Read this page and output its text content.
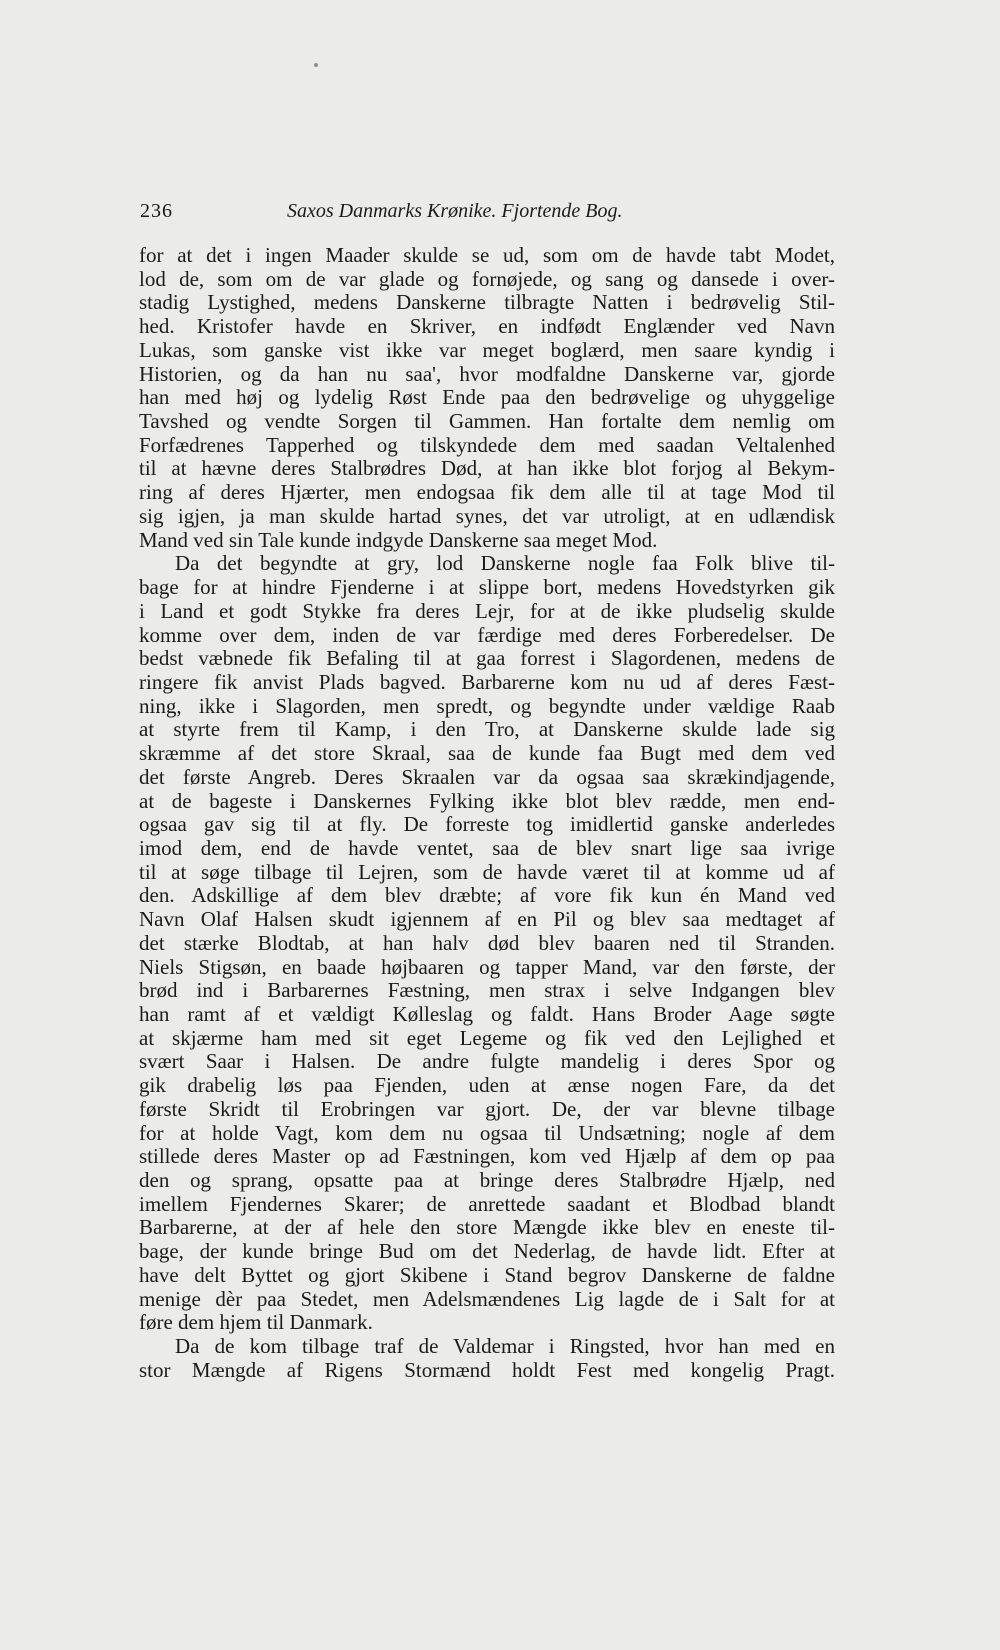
236	Saxos Danmarks Krønike. Fjortende Bog.
for at det i ingen Maader skulde se ud, som om de havde tabt Modet,
lod de, som om de var glade og fornøjede, og sang og dansede i over-
stadig Lystighed, medens Danskerne tilbragte Natten i bedrøvelig Stil-
hed. Kristofer havde en Skriver, en indfødt Englænder ved Navn
Lukas, som ganske vist ikke var meget boglærd, men saare kyndig i
Historien, og da han nu saa', hvor modfaldne Danskerne var, gjorde
han med høj og lydelig Røst Ende paa den bedrøvelige og uhyggelige
Tavshed og vendte Sorgen til Gammen. Han fortalte dem nemlig om
Forfædrenes Tapperhed og tilskyndede dem med saadan Veltalenhed
til at hævne deres Stalbrødres Død, at han ikke blot forjog al Bekym-
ring af deres Hjærter, men endogsaa fik dem alle til at tage Mod til
sig igjen, ja man skulde hartad synes, det var utroligt, at en udlændisk
Mand ved sin Tale kunde indgyde Danskerne saa meget Mod.
Da det begyndte at gry, lod Danskerne nogle faa Folk blive til-
bage for at hindre Fjenderne i at slippe bort, medens Hovedstyrken gik
i Land et godt Stykke fra deres Lejr, for at de ikke pludselig skulde
komme over dem, inden de var færdige med deres Forberedelser. De
bedst væbnede fik Befaling til at gaa forrest i Slagordenen, medens de
ringere fik anvist Plads bagved. Barbarerne kom nu ud af deres Fæst-
ning, ikke i Slagorden, men spredt, og begyndte under vældige Raab
at styrte frem til Kamp, i den Tro, at Danskerne skulde lade sig
skræmme af det store Skraal, saa de kunde faa Bugt med dem ved
det første Angreb. Deres Skraalen var da ogsaa saa skrækindjagende,
at de bageste i Danskernes Fylking ikke blot blev rædde, men end-
ogsaa gav sig til at fly. De forreste tog imidlertid ganske anderledes
imod dem, end de havde ventet, saa de blev snart lige saa ivrige
til at søge tilbage til Lejren, som de havde været til at komme ud af
den. Adskillige af dem blev dræbte; af vore fik kun én Mand ved
Navn Olaf Halsen skudt igjennem af en Pil og blev saa medtaget af
det stærke Blodtab, at han halv død blev baaren ned til Stranden.
Niels Stigsøn, en baade højbaaren og tapper Mand, var den første, der
brød ind i Barbarernes Fæstning, men strax i selve Indgangen blev
han ramt af et vældigt Kølleslag og faldt. Hans Broder Aage søgte
at skjærme ham med sit eget Legeme og fik ved den Lejlighed et
svært Saar i Halsen. De andre fulgte mandelig i deres Spor og
gik drabelig løs paa Fjenden, uden at ænse nogen Fare, da det
første Skridt til Erobringen var gjort. De, der var blevne tilbage
for at holde Vagt, kom dem nu ogsaa til Undsætning; nogle af dem
stillede deres Master op ad Fæstningen, kom ved Hjælp af dem op paa
den og sprang, opsatte paa at bringe deres Stalbrødre Hjælp, ned
imellem Fjendernes Skarer; de anrettede saadant et Blodbad blandt
Barbarerne, at der af hele den store Mængde ikke blev en eneste til-
bage, der kunde bringe Bud om det Nederlag, de havde lidt. Efter at
have delt Byttet og gjort Skibene i Stand begrov Danskerne de faldne
menige dèr paa Stedet, men Adelsmændenes Lig lagde de i Salt for at
føre dem hjem til Danmark.
Da de kom tilbage traf de Valdemar i Ringsted, hvor han med en
stor Mængde af Rigens Stormænd holdt Fest med kongelig Pragt.
